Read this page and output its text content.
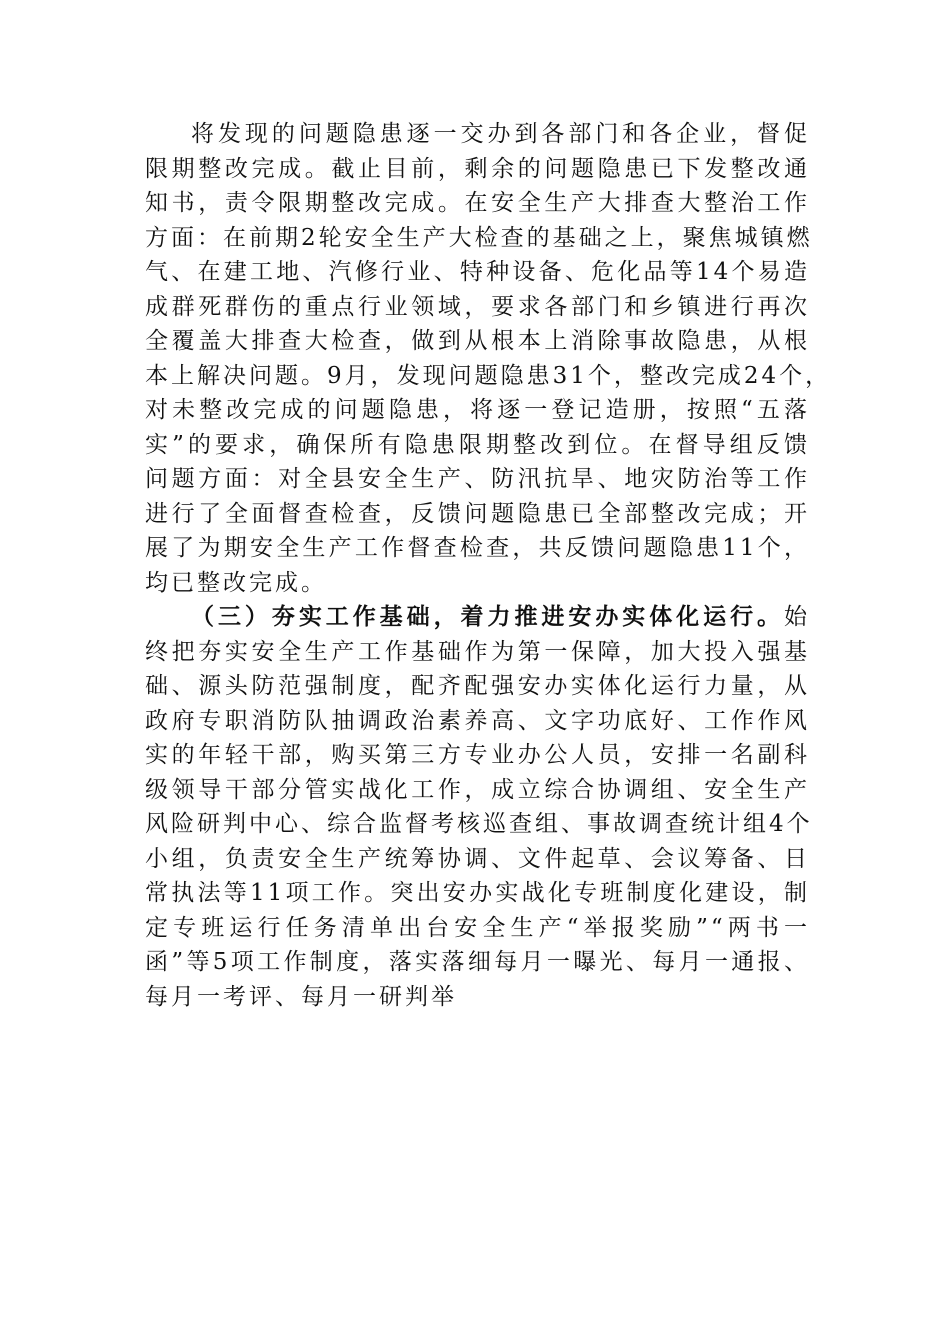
将发现的问题隐患逐一交办到各部门和各企业，督促
限期整改完成。截止目前，剩余的问题隐患已下发整改通
知书，责令限期整改完成。在安全生产大排查大整治工作
方面：在前期2轮安全生产大检查的基础之上，聚焦城镇燃
气、在建工地、汽修行业、特种设备、危化品等14个易造
成群死群伤的重点行业领域，要求各部门和乡镇进行再次
全覆盖大排查大检查，做到从根本上消除事故隐患，从根
本上解决问题。9月，发现问题隐患31个，整改完成24个，
对未整改完成的问题隐患，将逐一登记造册，按照“五落
实”的要求，确保所有隐患限期整改到位。在督导组反馈
问题方面：对全县安全生产、防汛抗旱、地灾防治等工作
进行了全面督查检查，反馈问题隐患已全部整改完成；开
展了为期安全生产工作督查检查，共反馈问题隐患11个，
均已整改完成。
（三）夯实工作基础，着力推进安办实体化运行。始
终把夯实安全生产工作基础作为第一保障，加大投入强基
础、源头防范强制度，配齐配强安办实体化运行力量，从
政府专职消防队抽调政治素养高、文字功底好、工作作风
实的年轻干部，购买第三方专业办公人员，安排一名副科
级领导干部分管实战化工作，成立综合协调组、安全生产
风险研判中心、综合监督考核巡查组、事故调查统计组4个
小组，负责安全生产统筹协调、文件起草、会议筹备、日
常执法等11项工作。突出安办实战化专班制度化建设，制
定专班运行任务清单出台安全生产“举报奖励”“两书一
函”等5项工作制度，落实落细每月一曝光、每月一通报、
每月一考评、每月一研判举
